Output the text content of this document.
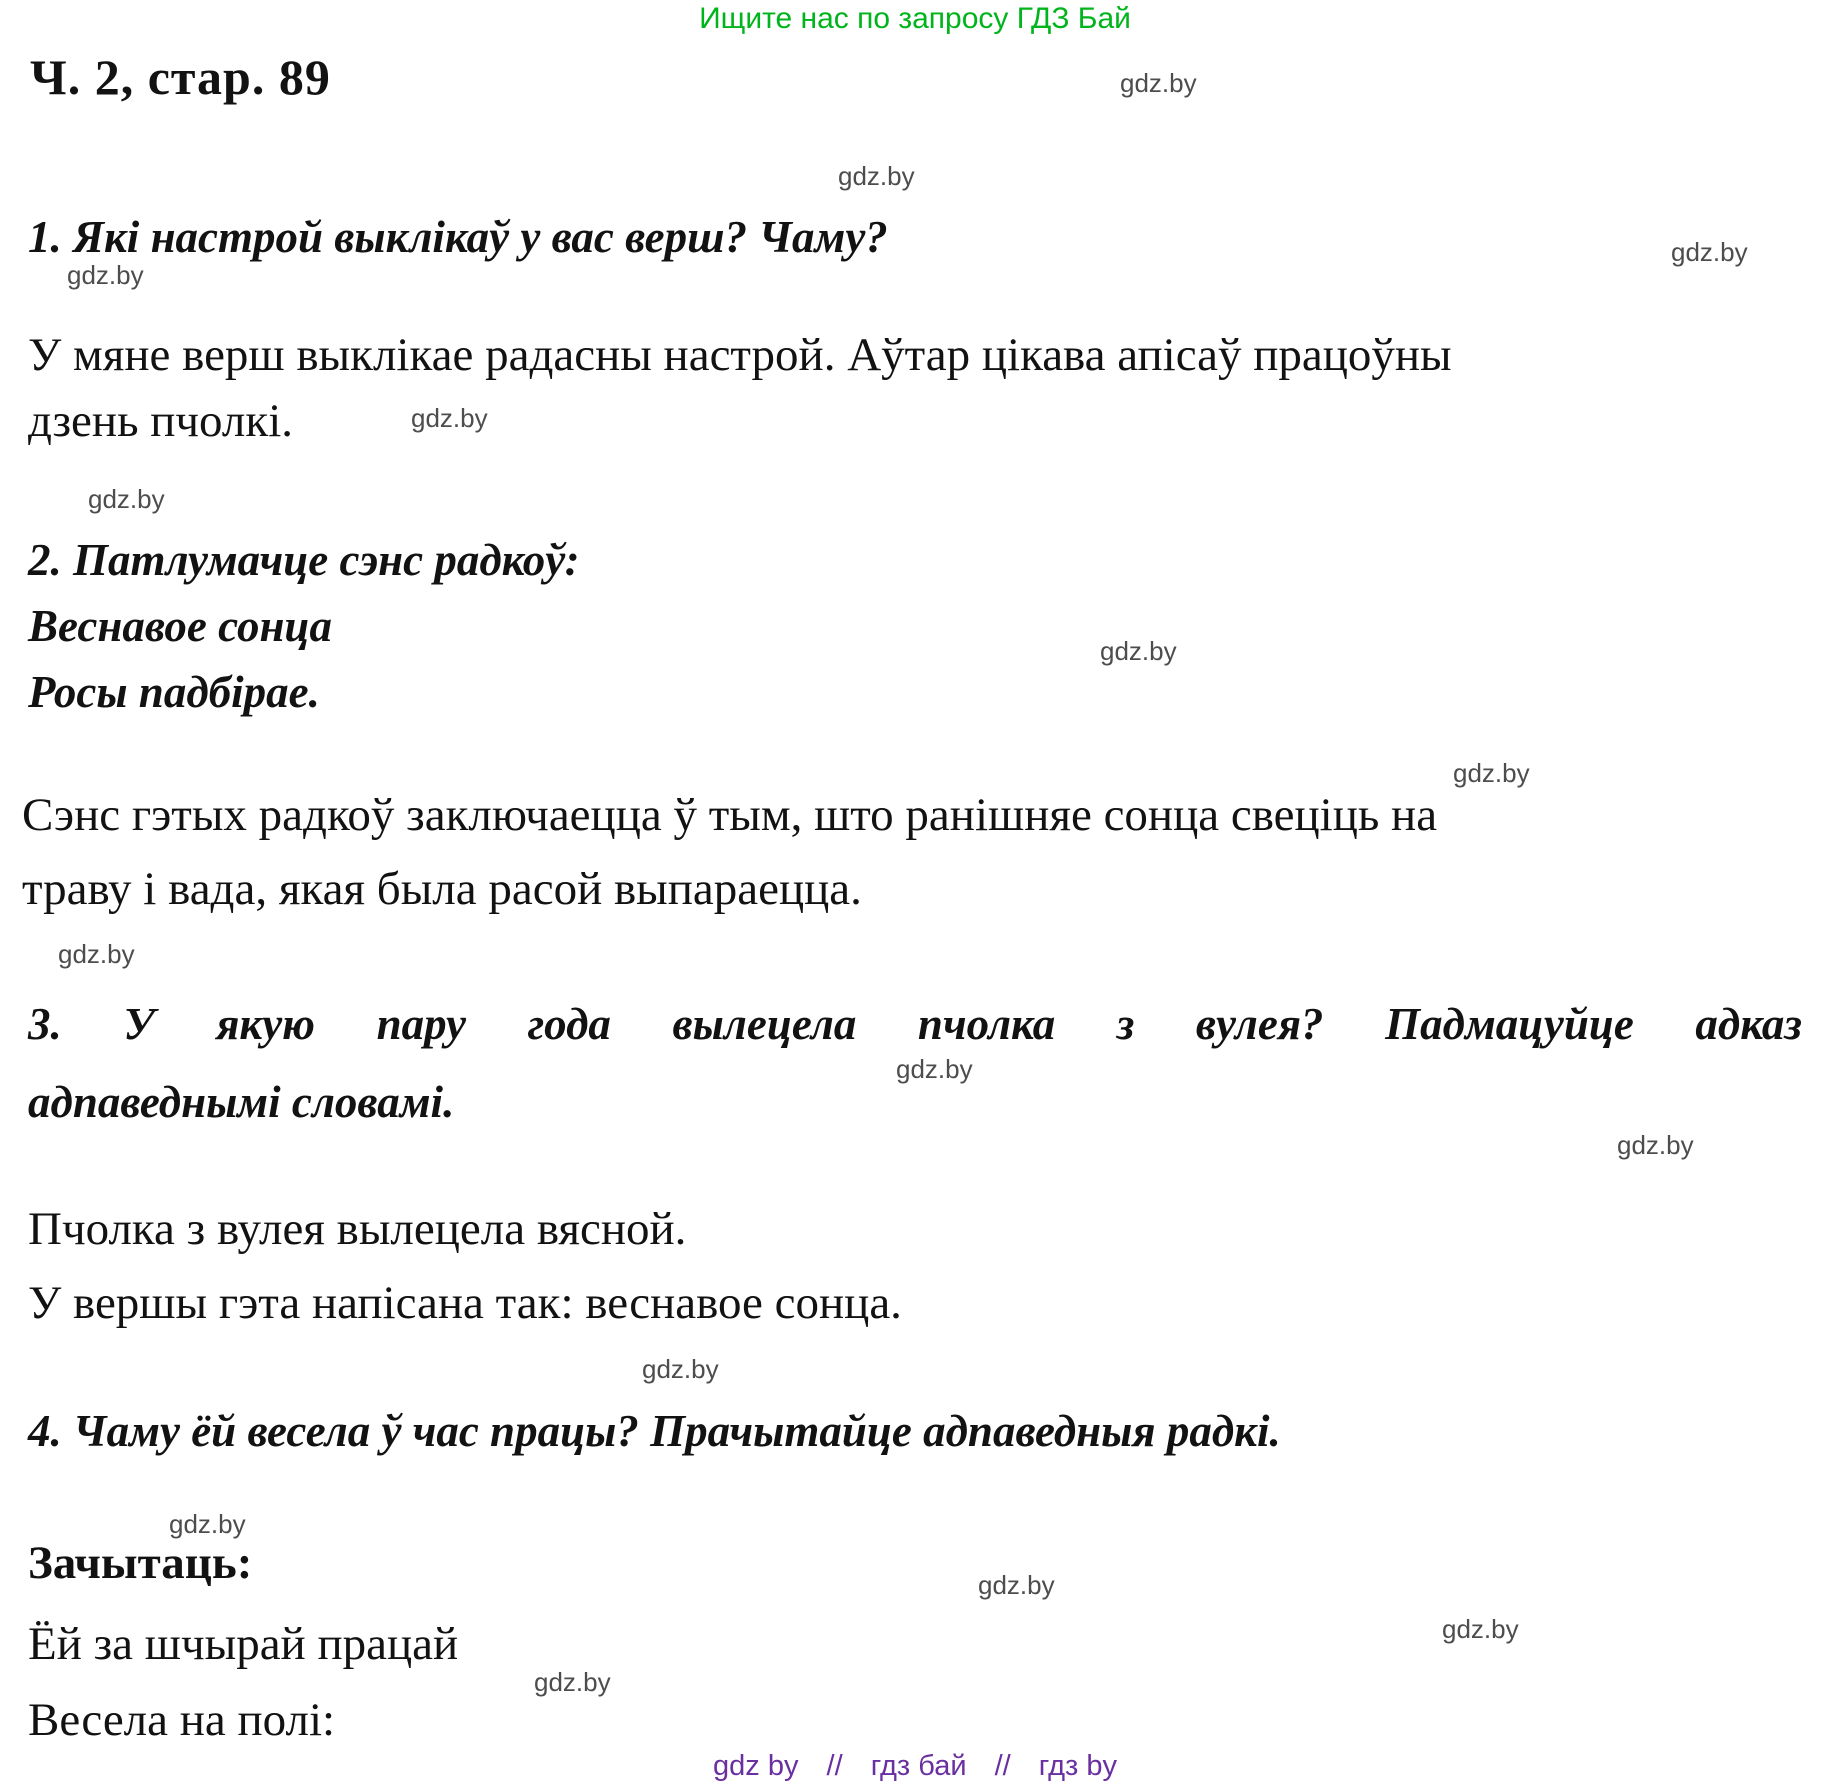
Ищите нас по запросу ГДЗ Бай
Ч. 2, стар. 89
1. Які настрой выклікаў у вас верш? Чаму?
У мяне верш выклікае радасны настрой. Аўтар цікава апісаў працоўны
дзень пчолкі.
2. Патлумачце сэнс радкоў:
Веснавое сонца
Росы падбірае.
Сэнс гэтых радкоў заключаецца ў тым, што ранішняе сонца свеціць на
траву і вада, якая была расой выпараецца.
3. У якую пару года вылецела пчолка з вулея? Падмацуйце адказ
адпаведнымі словамі.
Пчолка з вулея вылецела вясной.
У вершы гэта напісана так: веснавое сонца.
4. Чаму ёй весела ў час працы? Прачытайце адпаведныя радкі.
Зачытаць:
Ёй за шчырай працай
Весела на полі:
gdz.by
gdz.by
gdz.by
gdz.by
gdz.by
gdz.by
gdz.by
gdz.by
gdz.by
gdz.by
gdz.by
gdz.by
gdz.by
gdz.by
gdz.by
gdz.by
gdz by // гдз бай // гдз by
